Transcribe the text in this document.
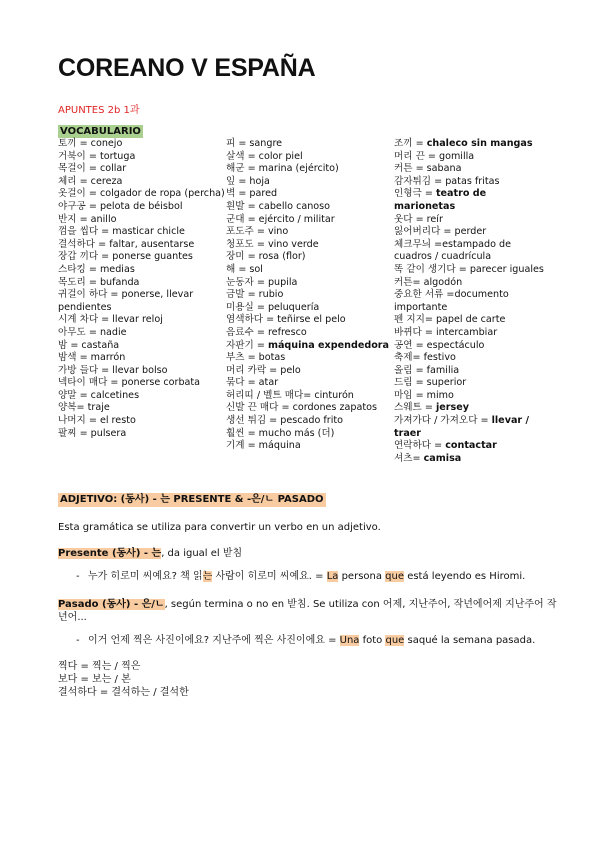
COREANO V ESPAÑA
APUNTES 2b 1과
VOCABULARIO
토끼 = conejo
거북이 = tortuga
목걸이 = collar
체리 = cereza
옷걸이 = colgador de ropa (percha)
야구공 = pelota de béisbol
반지 = anillo
껌을 씹다 = masticar chicle
결석하다 = faltar, ausentarse
장갑 끼다 = ponerse guantes
스타킹 = medias
목도리 = bufanda
귀걸이 하다 = ponerse, llevar pendientes
시계 차다 = llevar reloj
아무도 = nadie
밤 = castaña
밤색 = marrón
가방 들다 = llevar bolso
넥타이 매다 = ponerse corbata
양말 = calcetines
양복= traje
나머지 = el resto
팔찌 = pulsera
피 = sangre
살색 = color piel
해군 = marina (ejército)
잎 = hoja
벽 = pared
흰발 = cabello canoso
군대 = ejército / militar
포도주 = vino
청포도 = vino verde
장미 = rosa (flor)
해 = sol
눈동자 = pupila
금발 = rubio
미용실 = peluquería
염색하다 = teñirse el pelo
음료수 = refresco
자판기 = máquina expendedora
부츠 = botas
머리 카락 = pelo
묶다 = atar
허리띠 / 벨트 매다= cinturón
신발 끈 매다 = cordones zapatos
생선 튀김 = pescado frito
훨씬 = mucho más (더)
기계 = máquina
조끼 = chaleco sin mangas
머리 끈 = gomilla
커튼 = sabana
감자튀김 = patas fritas
인형극 = teatro de marionetas
웃다 = reír
잃어버리다 = perder
체크무늬 =estampado de cuadros / cuadrícula
똑 같이 생기다 = parecer iguales
커튼= algodón
중요한 서류 =documento importante
펜 지지= papel de carte
바뀌다 = intercambiar
공연 = espectáculo
축제= festivo
올림 = familia
드림 = superior
마임 = mimo
스웨트 = jersey
가져가다 / 가져오다 = llevar / traer
연락하다 = contactar
셔츠= camisa
ADJETIVO: (동사) - 는 PRESENTE & -은/ㄴ PASADO

Esta gramática se utiliza para convertir un verbo en un adjetivo.

Presente (동사) - 는, da igual el 받침

- 누가 히로미 씨예요? 책 읽는 사람이 히로미 씨예요. = La persona que está leyendo es Hiromi.

Pasado (동사) - 은/ㄴ, según termina o no en 받침. Se utiliza con 어제, 지난주어, 작년에어제 지난주어 작년어...

- 이거 언제 찍은 사진이에요? 지난주에 찍은 사진이에요 = Una foto que saqué la semana pasada.
찍다 = 찍는 / 찍은
보다 = 보는 / 본
결석하다 = 결석하는 / 결석한
